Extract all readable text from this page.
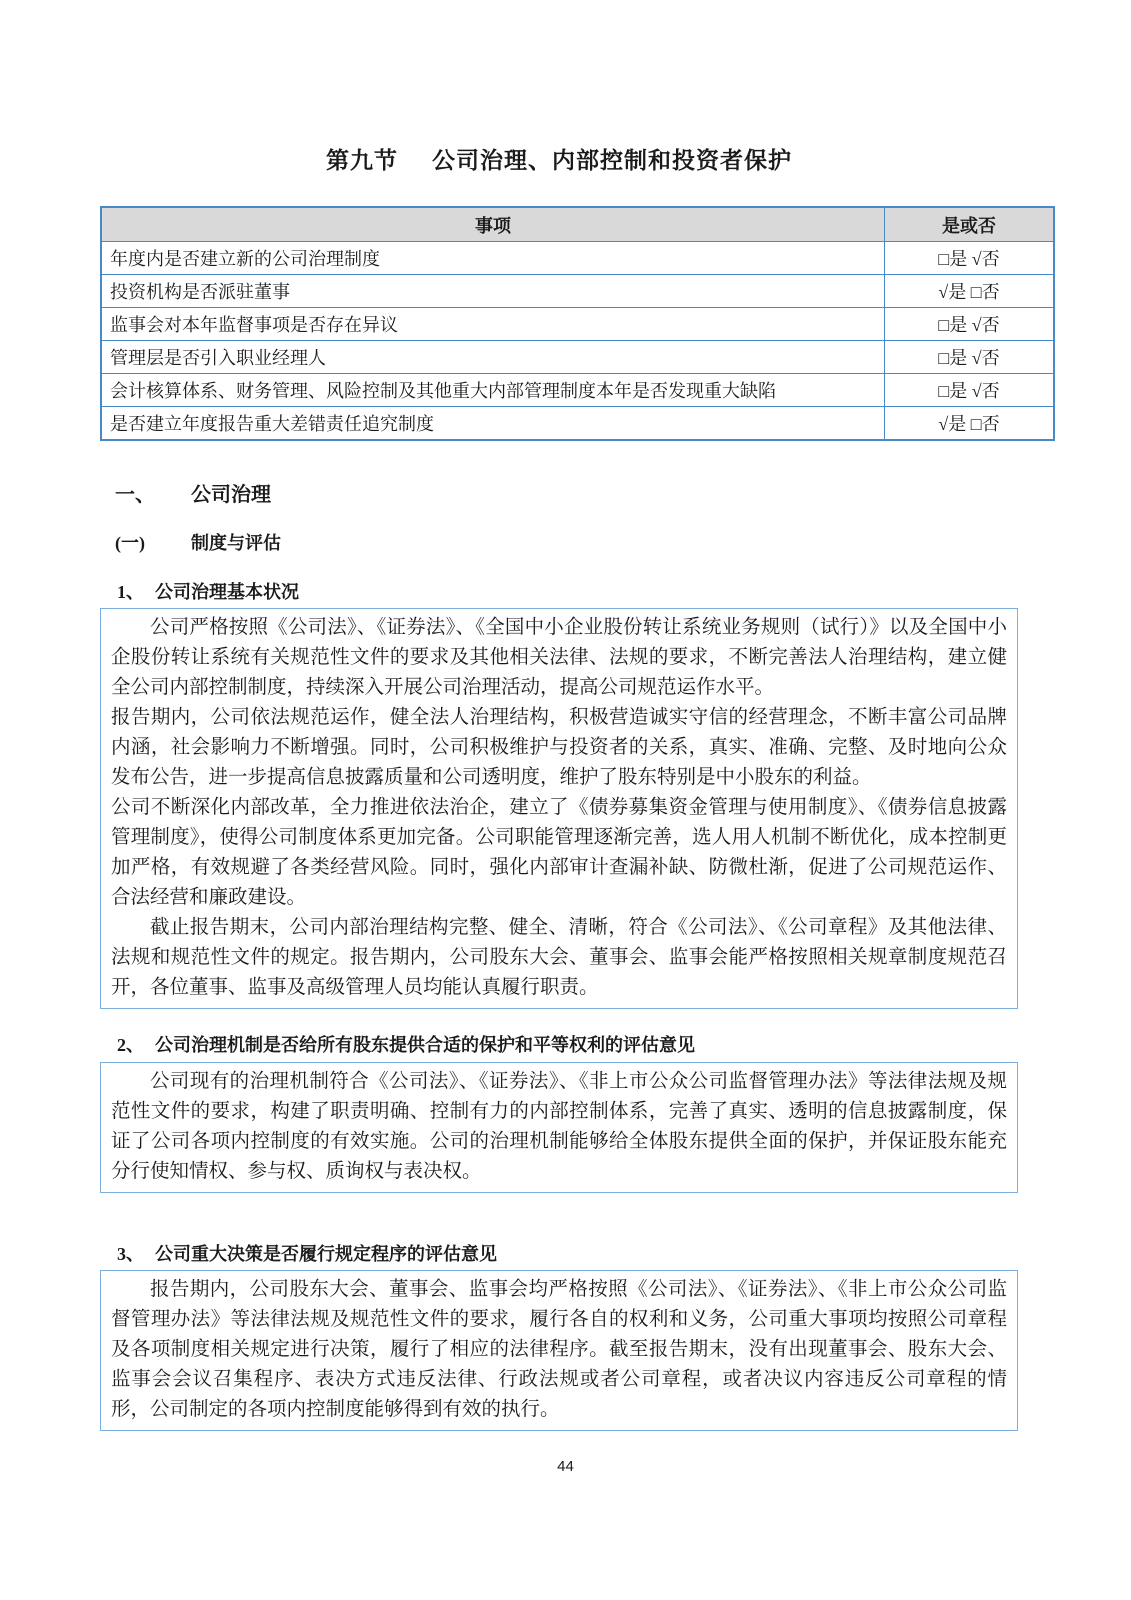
第九节 公司治理、内部控制和投资者保护
事项	是或否
年度内是否建立新的公司治理制度	□是 √否
投资机构是否派驻董事	√是 □否
监事会对本年监督事项是否存在异议	□是 √否
管理层是否引入职业经理人	□是 √否
会计核算体系、财务管理、风险控制及其他重大内部管理制度本年是否发现重大缺陷	□是 √否
是否建立年度报告重大差错责任追究制度	√是 □否
一、 公司治理
(一)	制度与评估
1、 公司治理基本状况

公司严格按照《公司法》、《证券法》、《全国中小企业股份转让系统业务规则（试行）》以及全国中小企股份转让系统有关规范性文件的要求及其他相关法律、法规的要求，不断完善法人治理结构，建立健全公司内部控制制度，持续深入开展公司治理活动，提高公司规范运作水平。

报告期内，公司依法规范运作，健全法人治理结构，积极营造诚实守信的经营理念，不断丰富公司品牌内涵，社会影响力不断增强。同时，公司积极维护与投资者的关系，真实、准确、完整、及时地向公众发布公告，进一步提高信息披露质量和公司透明度，维护了股东特别是中小股东的利益。

公司不断深化内部改革，全力推进依法治企，建立了《债券募集资金管理与使用制度》、《债券信息披露管理制度》，使得公司制度体系更加完备。公司职能管理逐渐完善，选人用人机制不断优化，成本控制更加严格，有效规避了各类经营风险。同时，强化内部审计查漏补缺、防微杜渐，促进了公司规范运作、合法经营和廉政建设。

截止报告期末，公司内部治理结构完整、健全、清晰，符合《公司法》、《公司章程》及其他法律、法规和规范性文件的规定。报告期内，公司股东大会、董事会、监事会能严格按照相关规章制度规范召开，各位董事、监事及高级管理人员均能认真履行职责。

2、 公司治理机制是否给所有股东提供合适的保护和平等权利的评估意见

公司现有的治理机制符合《公司法》、《证券法》、《非上市公众公司监督管理办法》等法律法规及规范性文件的要求，构建了职责明确、控制有力的内部控制体系，完善了真实、透明的信息披露制度，保证了公司各项内控制度的有效实施。公司的治理机制能够给全体股东提供全面的保护，并保证股东能充分行使知情权、参与权、质询权与表决权。

3、 公司重大决策是否履行规定程序的评估意见

报告期内，公司股东大会、董事会、监事会均严格按照《公司法》、《证券法》、《非上市公众公司监督管理办法》等法律法规及规范性文件的要求，履行各自的权利和义务，公司重大事项均按照公司章程及各项制度相关规定进行决策，履行了相应的法律程序。截至报告期末，没有出现董事会、股东大会、监事会会议召集程序、表决方式违反法律、行政法规或者公司章程，或者决议内容违反公司章程的情形，公司制定的各项内控制度能够得到有效的执行。

44
